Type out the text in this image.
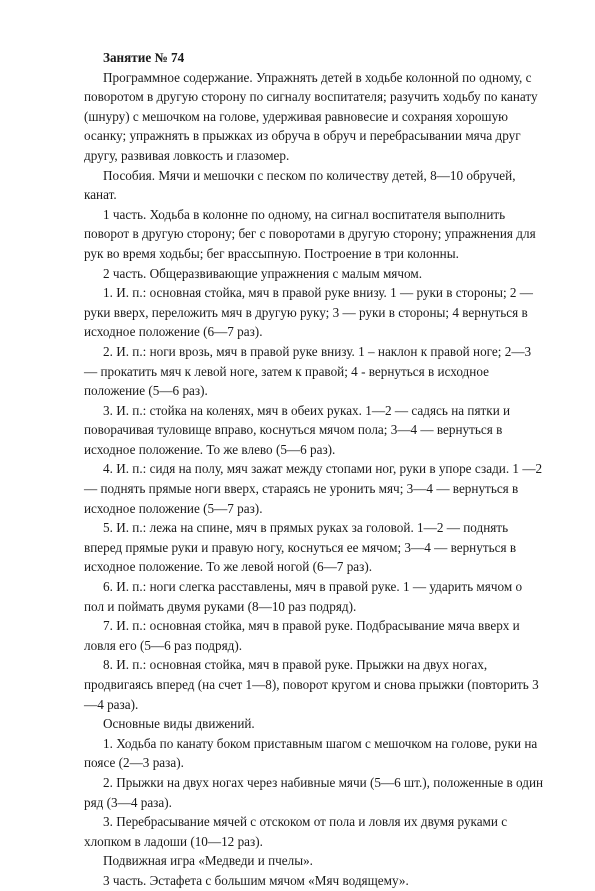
Занятие № 74

Программное содержание. Упражнять детей в ходьбе колонной по одному, с поворотом в другую сторону по сигналу воспитателя; разучить ходьбу по канату (шнуру) с мешочком на голове, удерживая равновесие и сохраняя хорошую осанку; упражнять в прыжках из обруча в обруч и перебрасывании мяча друг другу, развивая ловкость и глазомер.

Пособия. Мячи и мешочки с песком по количеству детей, 8—10 обручей, канат.

1 часть. Ходьба в колонне по одному, на сигнал воспитателя выполнить поворот в другую сторону; бег с поворотами в другую сторону; упражнения для рук во время ходьбы; бег врассыпную. Построение в три колонны.

2 часть. Общеразвивающие упражнения с малым мячом.

1. И. п.: основная стойка, мяч в правой руке внизу. 1 — руки в стороны; 2 — руки вверх, переложить мяч в другую руку; 3 — руки в стороны; 4 вернуться в исходное положение (6—7 раз).

2. И. п.: ноги врозь, мяч в правой руке внизу. 1 – наклон к правой ноге; 2—3 — прокатить мяч к левой ноге, затем к правой; 4 - вернуться в исходное положение (5—6 раз).

3. И. п.: стойка на коленях, мяч в обеих руках. 1—2 — садясь на пятки и поворачивая туловище вправо, коснуться мячом пола; 3—4 — вернуться в исходное положение. То же влево (5—6 раз).

4. И. п.: сидя на полу, мяч зажат между стопами ног, руки в упоре сзади. 1 —2 — поднять прямые ноги вверх, стараясь не уронить мяч; 3—4 — вернуться в исходное положение (5—7 раз).

5. И. п.: лежа на спине, мяч в прямых руках за головой. 1—2 — поднять вперед прямые руки и правую ногу, коснуться ее мячом; 3—4 — вернуться в исходное положение. То же левой ногой (6—7 раз).

6. И. п.: ноги слегка расставлены, мяч в правой руке. 1 — ударить мячом о пол и поймать двумя руками (8—10 раз подряд).

7. И. п.: основная стойка, мяч в правой руке. Подбрасывание мяча вверх и ловля его (5—6 раз подряд).

8. И. п.: основная стойка, мяч в правой руке. Прыжки на двух ногах, продвигаясь вперед (на счет 1—8), поворот кругом и снова прыжки (повторить 3—4 раза).

Основные виды движений.

1. Ходьба по канату боком приставным шагом с мешочком на голове, руки на поясе (2—3 раза).

2. Прыжки на двух ногах через набивные мячи (5—6 шт.), положенные в один ряд (3—4 раза).

3. Перебрасывание мячей с отскоком от пола и ловля их двумя руками с хлопком в ладоши (10—12 раз).

Подвижная игра «Медведи и пчелы».

3 часть. Эстафета с большим мячом «Мяч водящему».
